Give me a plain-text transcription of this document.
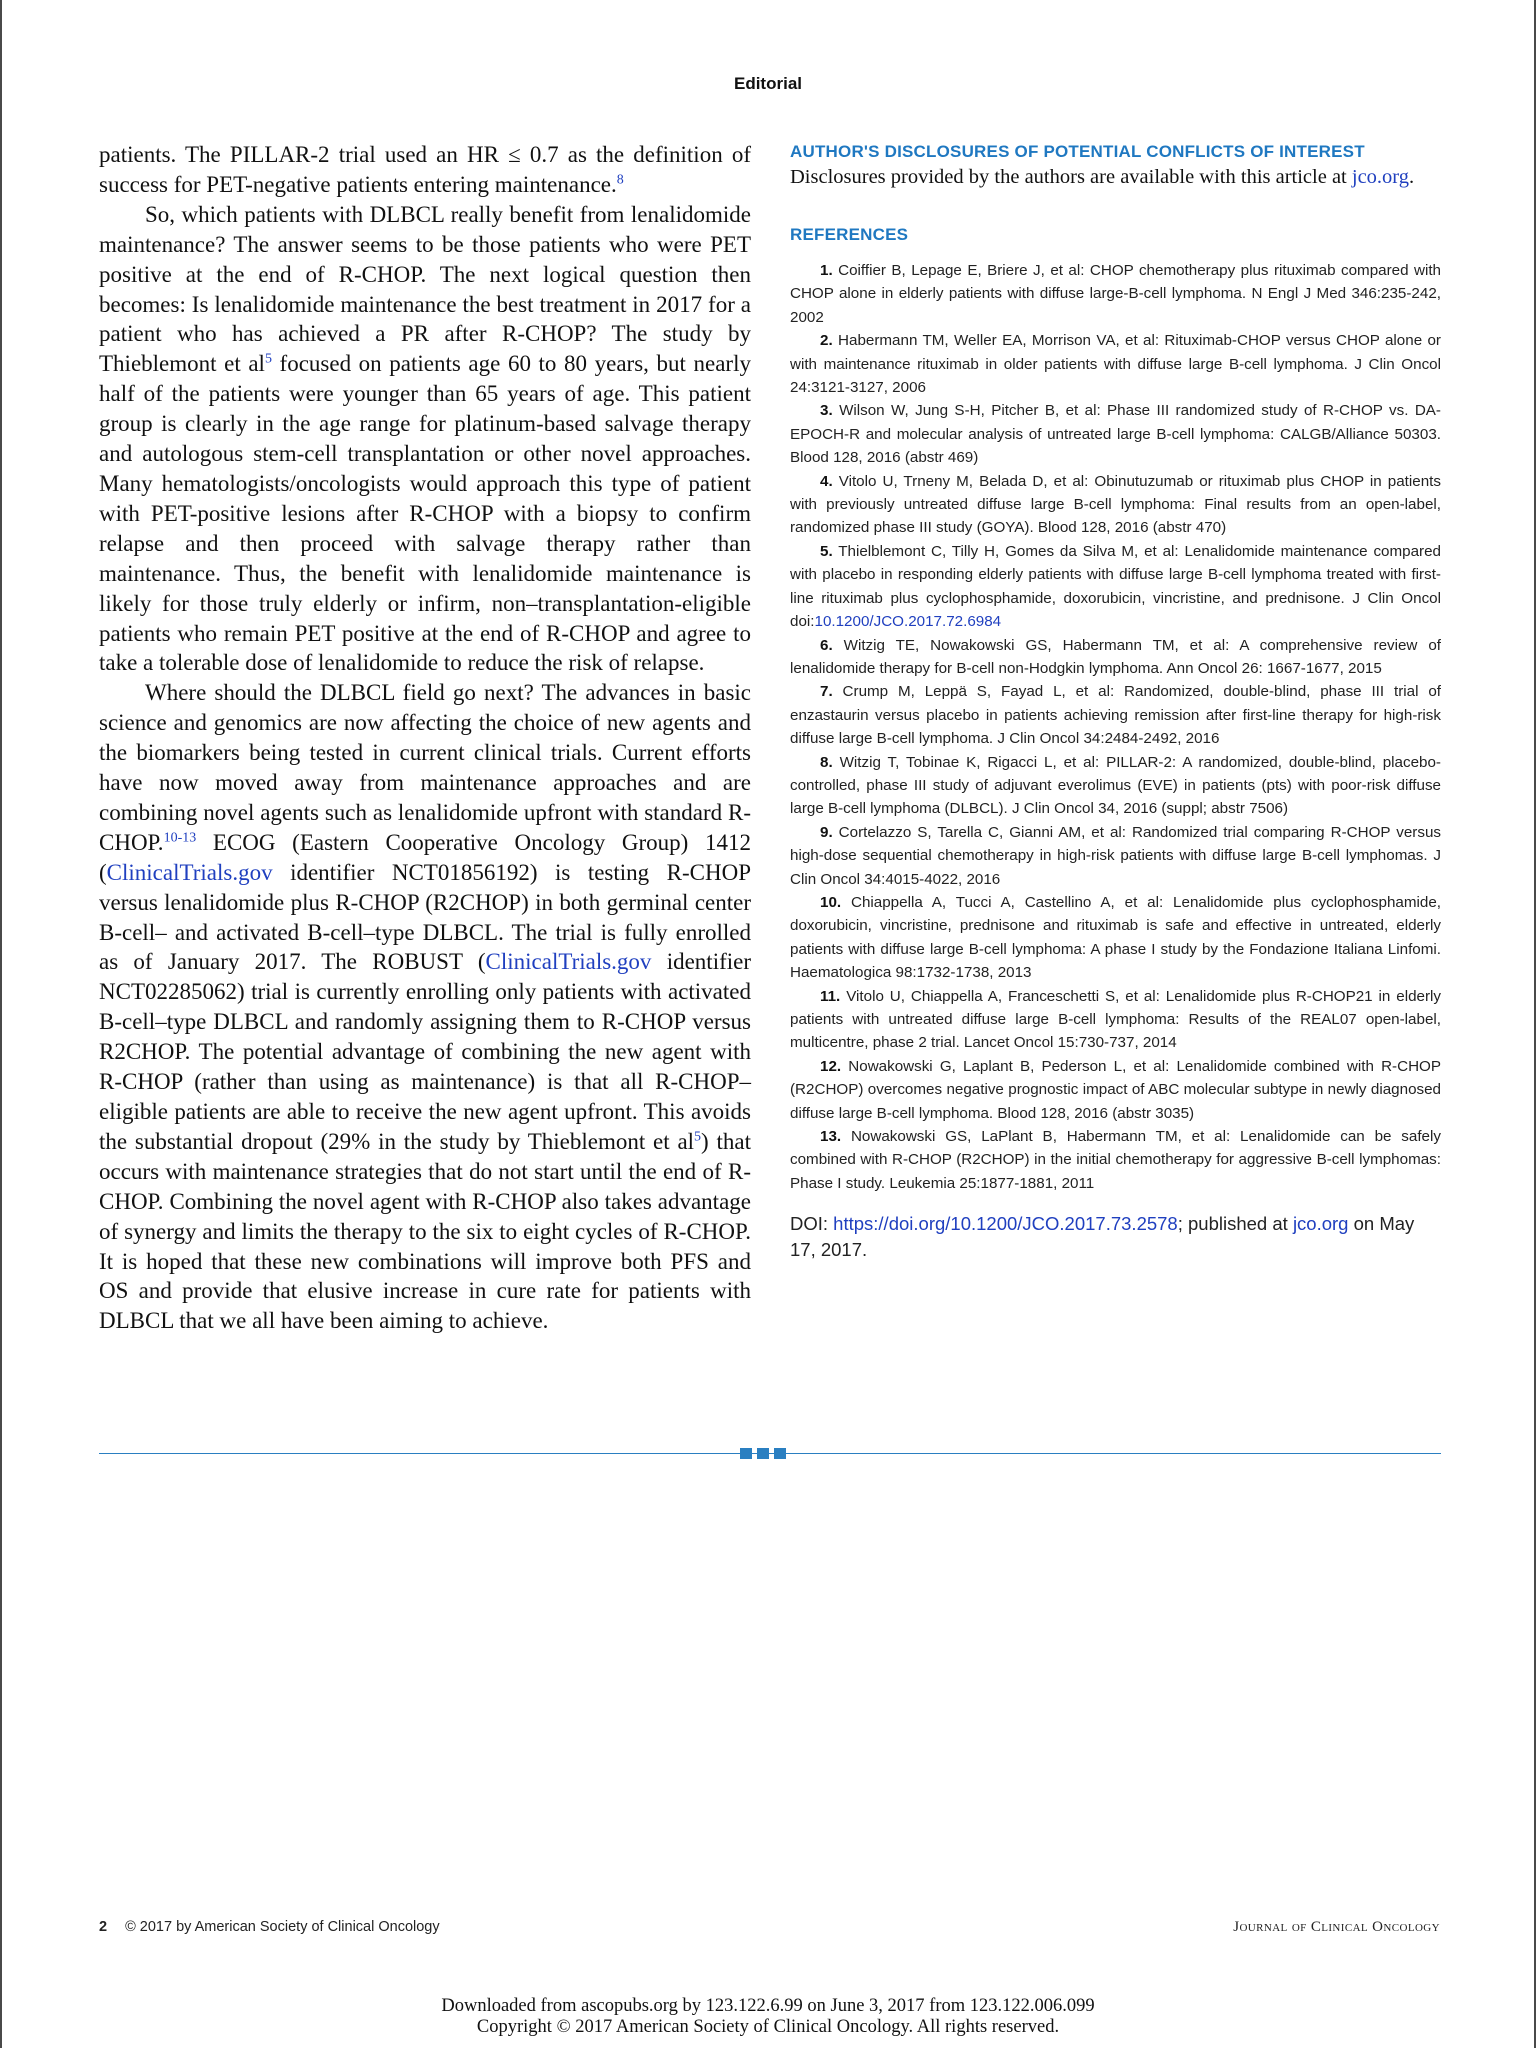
Editorial

patients. The PILLAR-2 trial used an HR ≤ 0.7 as the definition of success for PET-negative patients entering maintenance.$^8$

So, which patients with DLBCL really benefit from lenalidomide maintenance? The answer seems to be those patients who were PET positive at the end of R-CHOP. The next logical question then becomes: Is lenalidomide maintenance the best treatment in 2017 for a patient who has achieved a PR after R-CHOP? The study by Thieblemont et al$^5$ focused on patients age 60 to 80 years, but nearly half of the patients were younger than 65 years of age. This patient group is clearly in the age range for platinum-based salvage therapy and autologous stem-cell transplantation or other novel approaches. Many hematologists/oncologists would approach this type of patient with PET-positive lesions after R-CHOP with a biopsy to confirm relapse and then proceed with salvage therapy rather than maintenance. Thus, the benefit with lenalidomide maintenance is likely for those truly elderly or infirm, non–transplantation-eligible patients who remain PET positive at the end of R-CHOP and agree to take a tolerable dose of lenalidomide to reduce the risk of relapse.

Where should the DLBCL field go next? The advances in basic science and genomics are now affecting the choice of new agents and the biomarkers being tested in current clinical trials. Current efforts have now moved away from maintenance approaches and are combining novel agents such as lenalidomide upfront with standard R-CHOP.$^{10-13}$ ECOG (Eastern Cooperative Oncology Group) 1412 (ClinicalTrials.gov identifier NCT01856192) is testing R-CHOP versus lenalidomide plus R-CHOP (R2CHOP) in both germinal center B-cell– and activated B-cell–type DLBCL. The trial is fully enrolled as of January 2017. The ROBUST (ClinicalTrials.gov identifier NCT02285062) trial is currently enrolling only patients with activated B-cell–type DLBCL and randomly assigning them to R-CHOP versus R2CHOP. The potential advantage of combining the new agent with R-CHOP (rather than using as maintenance) is that all R-CHOP–eligible patients are able to receive the new agent upfront. This avoids the substantial dropout (29% in the study by Thieblemont et al$^5$) that occurs with maintenance strategies that do not start until the end of R-CHOP. Combining the novel agent with R-CHOP also takes advantage of synergy and limits the therapy to the six to eight cycles of R-CHOP. It is hoped that these new combinations will improve both PFS and OS and provide that elusive increase in cure rate for patients with DLBCL that we all have been aiming to achieve.

AUTHOR'S DISCLOSURES OF POTENTIAL CONFLICTS OF INTEREST

Disclosures provided by the authors are available with this article at jco.org.

REFERENCES

1. Coiffier B, Lepage E, Briere J, et al: CHOP chemotherapy plus rituximab compared with CHOP alone in elderly patients with diffuse large-B-cell lymphoma. N Engl J Med 346:235-242, 2002

2. Habermann TM, Weller EA, Morrison VA, et al: Rituximab-CHOP versus CHOP alone or with maintenance rituximab in older patients with diffuse large B-cell lymphoma. J Clin Oncol 24:3121-3127, 2006

3. Wilson W, Jung S-H, Pitcher B, et al: Phase III randomized study of R-CHOP vs. DA-EPOCH-R and molecular analysis of untreated large B-cell lymphoma: CALGB/Alliance 50303. Blood 128, 2016 (abstr 469)

4. Vitolo U, Trneny M, Belada D, et al: Obinutuzumab or rituximab plus CHOP in patients with previously untreated diffuse large B-cell lymphoma: Final results from an open-label, randomized phase III study (GOYA). Blood 128, 2016 (abstr 470)

5. Thielblemont C, Tilly H, Gomes da Silva M, et al: Lenalidomide maintenance compared with placebo in responding elderly patients with diffuse large B-cell lymphoma treated with first-line rituximab plus cyclophosphamide, doxorubicin, vincristine, and prednisone. J Clin Oncol doi:10.1200/JCO.2017.72.6984

6. Witzig TE, Nowakowski GS, Habermann TM, et al: A comprehensive review of lenalidomide therapy for B-cell non-Hodgkin lymphoma. Ann Oncol 26: 1667-1677, 2015

7. Crump M, Leppä S, Fayad L, et al: Randomized, double-blind, phase III trial of enzastaurin versus placebo in patients achieving remission after first-line therapy for high-risk diffuse large B-cell lymphoma. J Clin Oncol 34:2484-2492, 2016

8. Witzig T, Tobinae K, Rigacci L, et al: PILLAR-2: A randomized, double-blind, placebo-controlled, phase III study of adjuvant everolimus (EVE) in patients (pts) with poor-risk diffuse large B-cell lymphoma (DLBCL). J Clin Oncol 34, 2016 (suppl; abstr 7506)

9. Cortelazzo S, Tarella C, Gianni AM, et al: Randomized trial comparing R-CHOP versus high-dose sequential chemotherapy in high-risk patients with diffuse large B-cell lymphomas. J Clin Oncol 34:4015-4022, 2016

10. Chiappella A, Tucci A, Castellino A, et al: Lenalidomide plus cyclophosphamide, doxorubicin, vincristine, prednisone and rituximab is safe and effective in untreated, elderly patients with diffuse large B-cell lymphoma: A phase I study by the Fondazione Italiana Linfomi. Haematologica 98:1732-1738, 2013

11. Vitolo U, Chiappella A, Franceschetti S, et al: Lenalidomide plus R-CHOP21 in elderly patients with untreated diffuse large B-cell lymphoma: Results of the REAL07 open-label, multicentre, phase 2 trial. Lancet Oncol 15:730-737, 2014

12. Nowakowski G, Laplant B, Pederson L, et al: Lenalidomide combined with R-CHOP (R2CHOP) overcomes negative prognostic impact of ABC molecular subtype in newly diagnosed diffuse large B-cell lymphoma. Blood 128, 2016 (abstr 3035)

13. Nowakowski GS, LaPlant B, Habermann TM, et al: Lenalidomide can be safely combined with R-CHOP (R2CHOP) in the initial chemotherapy for aggressive B-cell lymphomas: Phase I study. Leukemia 25:1877-1881, 2011

DOI: https://doi.org/10.1200/JCO.2017.73.2578; published at jco.org on May 17, 2017.

2 © 2017 by American Society of Clinical Oncology	Journal of Clinical Oncology
Downloaded from ascopubs.org by 123.122.6.99 on June 3, 2017 from 123.122.006.099
Copyright © 2017 American Society of Clinical Oncology. All rights reserved.
